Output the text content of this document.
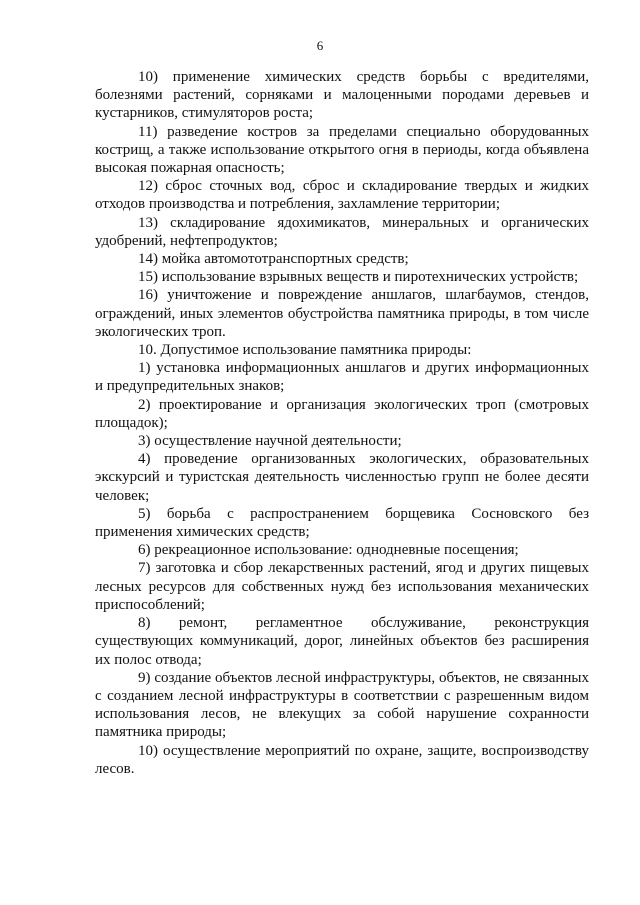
6

10) применение химических средств борьбы с вредителями, болезнями растений, сорняками и малоценными породами деревьев и кустарников, стимуляторов роста;

11) разведение костров за пределами специально оборудованных кострищ, а также использование открытого огня в периоды, когда объявлена высокая пожарная опасность;

12) сброс сточных вод, сброс и складирование твердых и жидких отходов производства и потребления, захламление территории;

13) складирование ядохимикатов, минеральных и органических удобрений, нефтепродуктов;

14) мойка автомототранспортных средств;

15) использование взрывных веществ и пиротехнических устройств;

16) уничтожение и повреждение аншлагов, шлагбаумов, стендов, ограждений, иных элементов обустройства памятника природы, в том числе экологических троп.

10. Допустимое использование памятника природы:

1) установка информационных аншлагов и других информационных и предупредительных знаков;

2) проектирование и организация экологических троп (смотровых площадок);

3) осуществление научной деятельности;

4) проведение организованных экологических, образовательных экскурсий и туристская деятельность численностью групп не более десяти человек;

5) борьба с распространением борщевика Сосновского без применения химических средств;

6) рекреационное использование: однодневные посещения;

7) заготовка и сбор лекарственных растений, ягод и других пищевых лесных ресурсов для собственных нужд без использования механических приспособлений;

8) ремонт, регламентное обслуживание, реконструкция существующих коммуникаций, дорог, линейных объектов без расширения их полос отвода;

9) создание объектов лесной инфраструктуры, объектов, не связанных с созданием лесной инфраструктуры в соответствии с разрешенным видом использования лесов, не влекущих за собой нарушение сохранности памятника природы;

10) осуществление мероприятий по охране, защите, воспроизводству лесов.
